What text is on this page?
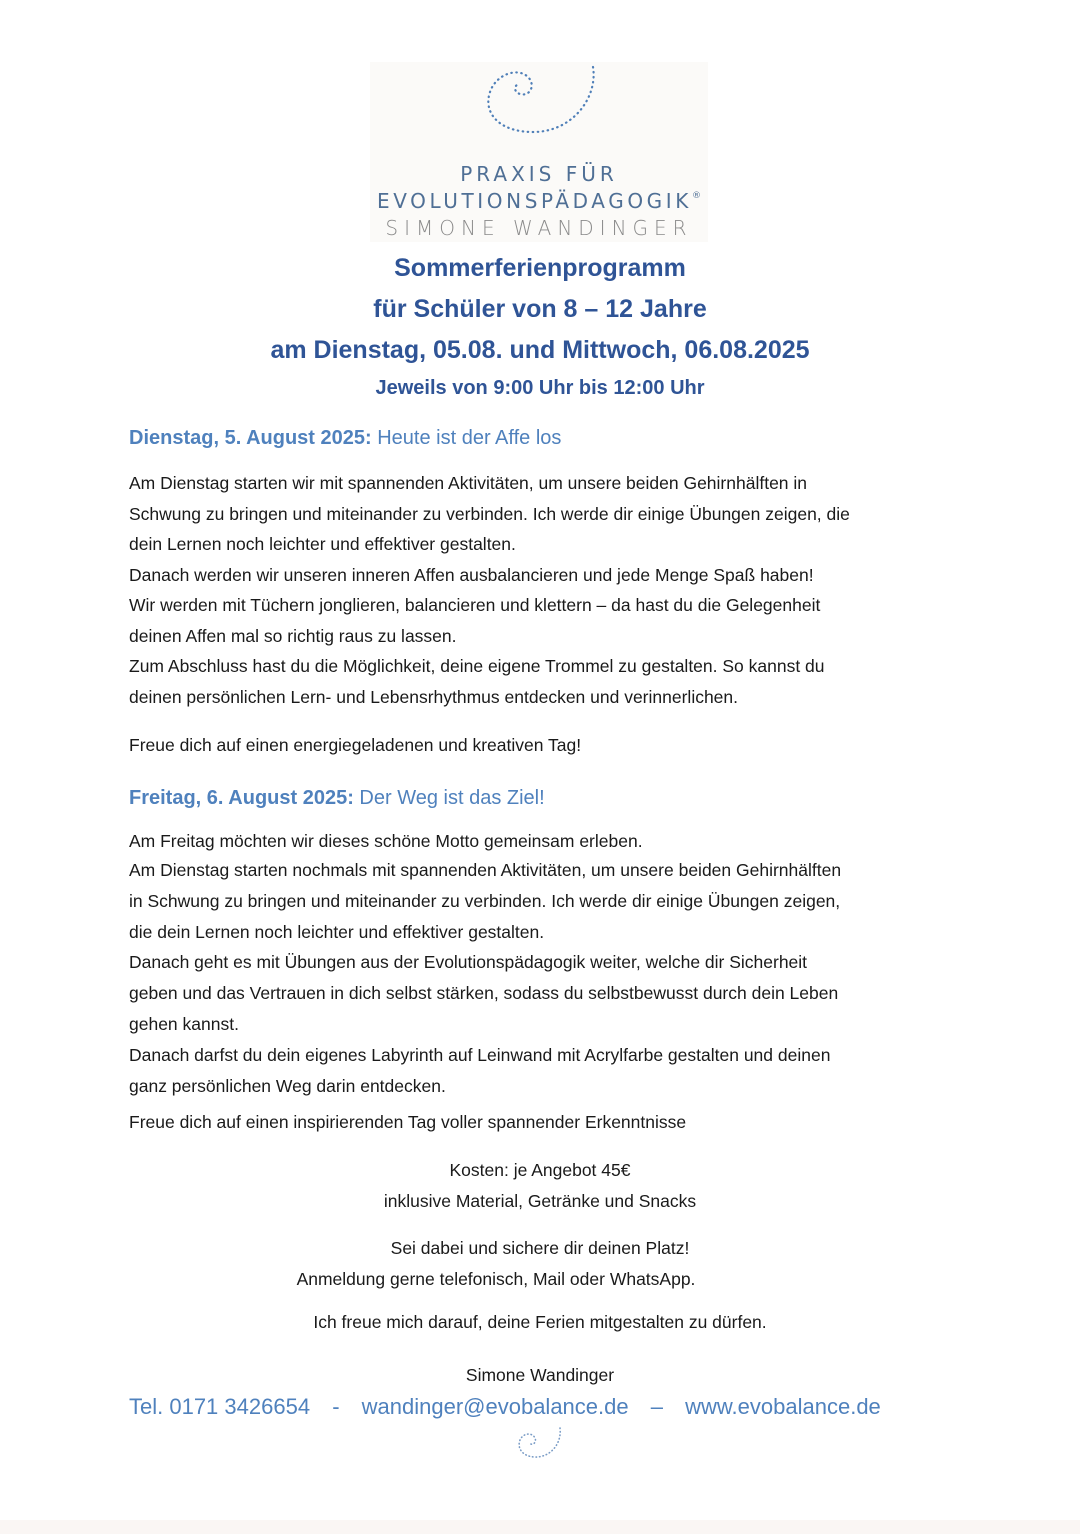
PRAXIS FÜR
EVOLUTIONSPÄDAGOGIK®
SIMONE WANDINGER
Sommerferienprogramm
für Schüler von 8 – 12 Jahre
am Dienstag, 05.08. und Mittwoch, 06.08.2025
Jeweils von 9:00 Uhr bis 12:00 Uhr
Dienstag, 5. August 2025: Heute ist der Affe los

Am Dienstag starten wir mit spannenden Aktivitäten, um unsere beiden Gehirnhälften in

Schwung zu bringen und miteinander zu verbinden. Ich werde dir einige Übungen zeigen, die

dein Lernen noch leichter und effektiver gestalten.

Danach werden wir unseren inneren Affen ausbalancieren und jede Menge Spaß haben!

Wir werden mit Tüchern jonglieren, balancieren und klettern – da hast du die Gelegenheit

deinen Affen mal so richtig raus zu lassen.

Zum Abschluss hast du die Möglichkeit, deine eigene Trommel zu gestalten. So kannst du

deinen persönlichen Lern- und Lebensrhythmus entdecken und verinnerlichen.

Freue dich auf einen energiegeladenen und kreativen Tag!

Freitag, 6. August 2025: Der Weg ist das Ziel!

Am Freitag möchten wir dieses schöne Motto gemeinsam erleben.

Am Dienstag starten nochmals mit spannenden Aktivitäten, um unsere beiden Gehirnhälften

in Schwung zu bringen und miteinander zu verbinden. Ich werde dir einige Übungen zeigen,

die dein Lernen noch leichter und effektiver gestalten.

Danach geht es mit Übungen aus der Evolutionspädagogik weiter, welche dir Sicherheit

geben und das Vertrauen in dich selbst stärken, sodass du selbstbewusst durch dein Leben

gehen kannst.

Danach darfst du dein eigenes Labyrinth auf Leinwand mit Acrylfarbe gestalten und deinen

ganz persönlichen Weg darin entdecken.

Freue dich auf einen inspirierenden Tag voller spannender Erkenntnisse

Kosten: je Angebot 45€

inklusive Material, Getränke und Snacks

Sei dabei und sichere dir deinen Platz!

Anmeldung gerne telefonisch, Mail oder WhatsApp.

Ich freue mich darauf, deine Ferien mitgestalten zu dürfen.

Simone Wandinger

Tel. 0171 3426654 - wandinger@evobalance.de – www.evobalance.de
